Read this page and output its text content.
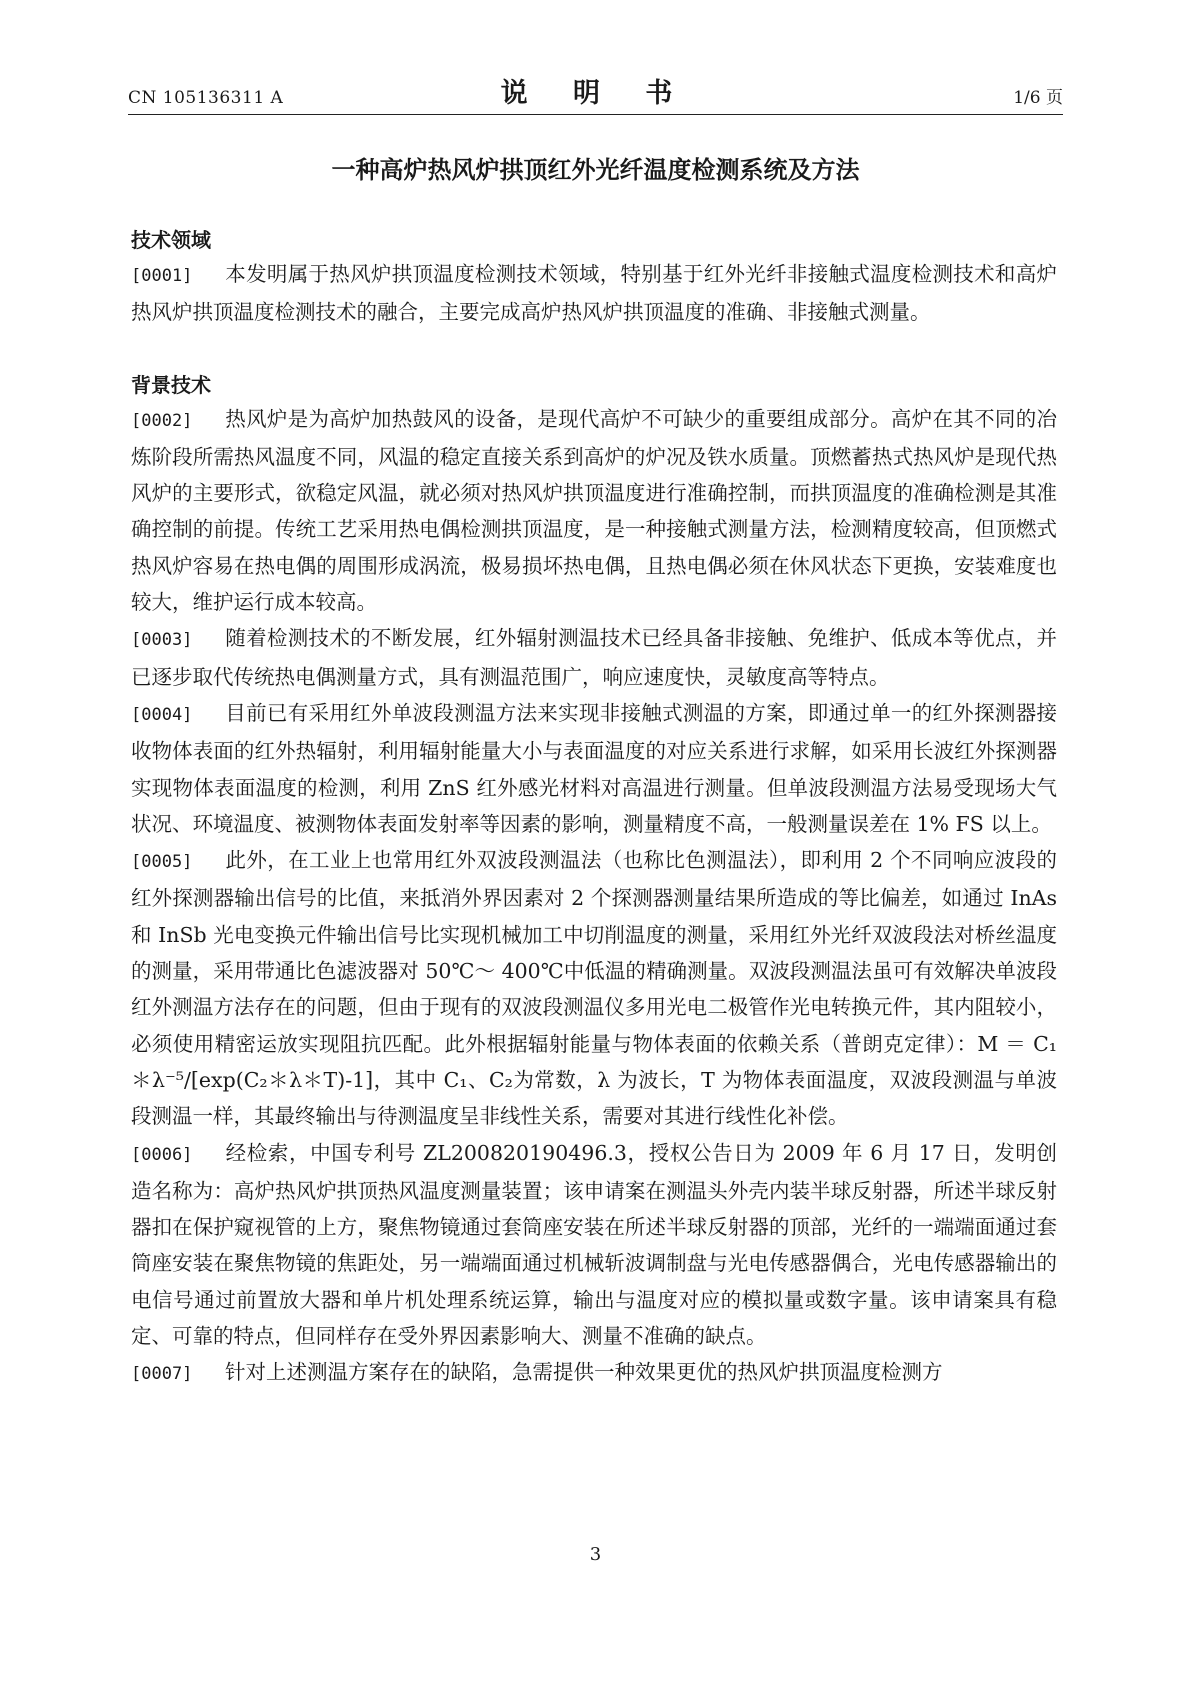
CN 105136311 A	说 明 书	1/6 页
一种高炉热风炉拱顶红外光纤温度检测系统及方法

技术领域

[0001] 本发明属于热风炉拱顶温度检测技术领域，特别基于红外光纤非接触式温度检测技术和高炉热风炉拱顶温度检测技术的融合，主要完成高炉热风炉拱顶温度的准确、非接触式测量。

背景技术

[0002] 热风炉是为高炉加热鼓风的设备，是现代高炉不可缺少的重要组成部分。高炉在其不同的冶炼阶段所需热风温度不同，风温的稳定直接关系到高炉的炉况及铁水质量。顶燃蓄热式热风炉是现代热风炉的主要形式，欲稳定风温，就必须对热风炉拱顶温度进行准确控制，而拱顶温度的准确检测是其准确控制的前提。传统工艺采用热电偶检测拱顶温度，是一种接触式测量方法，检测精度较高，但顶燃式热风炉容易在热电偶的周围形成涡流，极易损坏热电偶，且热电偶必须在休风状态下更换，安装难度也较大，维护运行成本较高。

[0003] 随着检测技术的不断发展，红外辐射测温技术已经具备非接触、免维护、低成本等优点，并已逐步取代传统热电偶测量方式，具有测温范围广，响应速度快，灵敏度高等特点。

[0004] 目前已有采用红外单波段测温方法来实现非接触式测温的方案，即通过单一的红外探测器接收物体表面的红外热辐射，利用辐射能量大小与表面温度的对应关系进行求解，如采用长波红外探测器实现物体表面温度的检测，利用 ZnS 红外感光材料对高温进行测量。但单波段测温方法易受现场大气状况、环境温度、被测物体表面发射率等因素的影响，测量精度不高，一般测量误差在 1% FS 以上。

[0005] 此外，在工业上也常用红外双波段测温法（也称比色测温法），即利用 2 个不同响应波段的红外探测器输出信号的比值，来抵消外界因素对 2 个探测器测量结果所造成的等比偏差，如通过 InAs 和 InSb 光电变换元件输出信号比实现机械加工中切削温度的测量，采用红外光纤双波段法对桥丝温度的测量，采用带通比色滤波器对 50℃～ 400℃中低温的精确测量。双波段测温法虽可有效解决单波段红外测温方法存在的问题，但由于现有的双波段测温仪多用光电二极管作光电转换元件，其内阻较小，必须使用精密运放实现阻抗匹配。此外根据辐射能量与物体表面的依赖关系（普朗克定律）：M ＝ C₁＊λ⁻⁵/[exp(C₂＊λ＊T)-1]，其中 C₁、C₂为常数，λ 为波长，T 为物体表面温度，双波段测温与单波段测温一样，其最终输出与待测温度呈非线性关系，需要对其进行线性化补偿。

[0006] 经检索，中国专利号 ZL200820190496.3，授权公告日为 2009 年 6 月 17 日，发明创造名称为：高炉热风炉拱顶热风温度测量装置；该申请案在测温头外壳内装半球反射器，所述半球反射器扣在保护窥视管的上方，聚焦物镜通过套筒座安装在所述半球反射器的顶部，光纤的一端端面通过套筒座安装在聚焦物镜的焦距处，另一端端面通过机械斩波调制盘与光电传感器偶合，光电传感器输出的电信号通过前置放大器和单片机处理系统运算，输出与温度对应的模拟量或数字量。该申请案具有稳定、可靠的特点，但同样存在受外界因素影响大、测量不准确的缺点。

[0007] 针对上述测温方案存在的缺陷，急需提供一种效果更优的热风炉拱顶温度检测方

3
